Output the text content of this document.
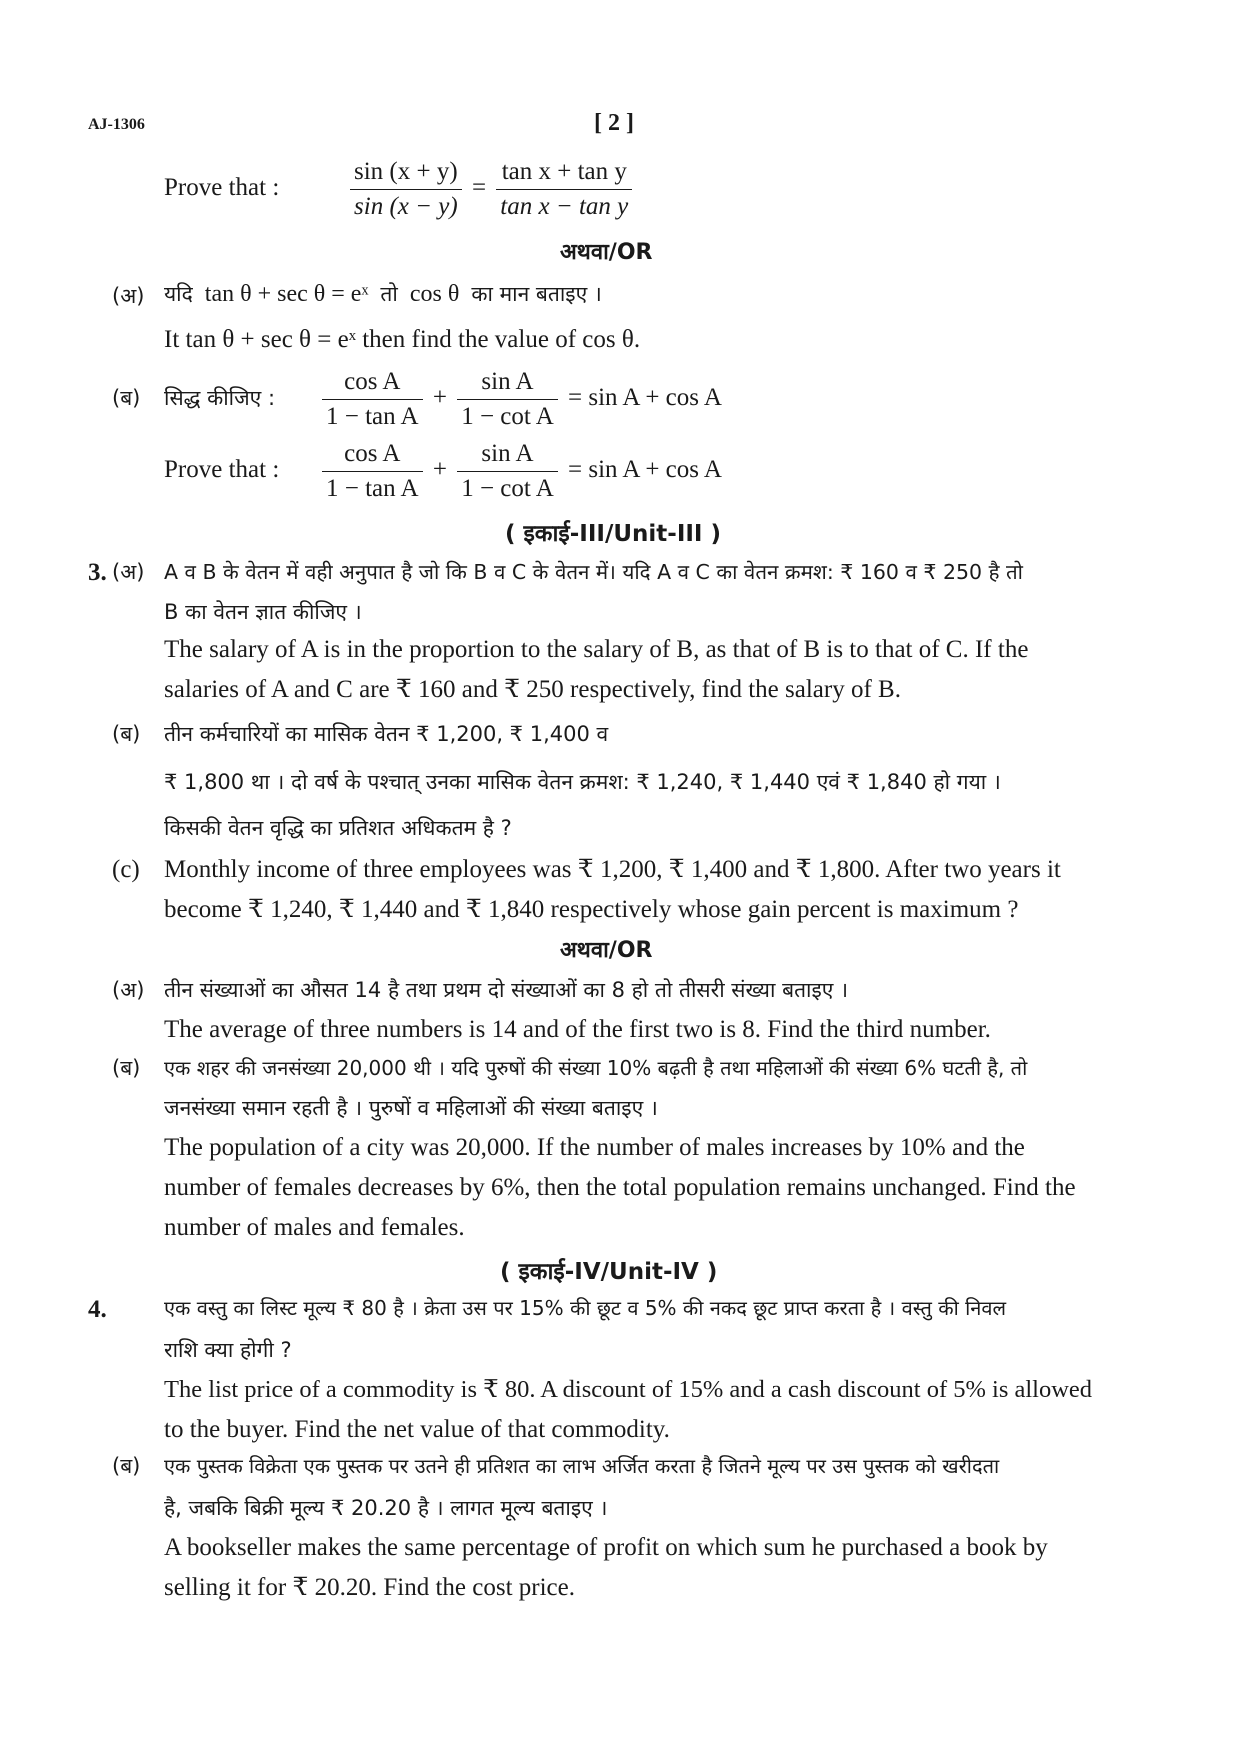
AJ-1306	[ 2 ]
Prove that :	$\frac{\sin (x + y)}{\sin (x - y)} = \frac{\text{tan x + tan y}}{\text{tan x − tan y}}$
अथवा/OR
(अ) यदि tan θ + sec θ = eˣ तो cos θ का मान बताइए ।
It tan θ + sec θ = eˣ then find the value of cos θ.
(ब) सिद्ध कीजिए : $\frac{\text{cos A}}{\text{1 − tan A}} + \frac{\text{sin A}}{\text{1 − cot A}} = \sin A + \cos A$
Prove that : $\frac{\text{cos A}}{\text{1 − tan A}} + \frac{\text{sin A}}{\text{1 − cot A}} = \sin A + \cos A$
( इकाई-III/Unit-III )
3. (अ) A व B के वेतन में वही अनुपात है जो कि B व C के वेतन में। यदि A व C का वेतन क्रमश: ₹ 160 व ₹ 250 है तो
B का वेतन ज्ञात कीजिए ।
The salary of A is in the proportion to the salary of B, as that of B is to that of C. If the
salaries of A and C are ₹ 160 and ₹ 250 respectively, find the salary of B.
(ब) तीन कर्मचारियों का मासिक वेतन ₹ 1,200, ₹ 1,400 व
₹ 1,800 था । दो वर्ष के पश्चात् उनका मासिक वेतन क्रमश: ₹ 1,240, ₹ 1,440 एवं ₹ 1,840 हो गया ।
किसकी वेतन वृद्धि का प्रतिशत अधिकतम है ?
(c) Monthly income of three employees was ₹ 1,200, ₹ 1,400 and ₹ 1,800. After two years it
become ₹ 1,240, ₹ 1,440 and ₹ 1,840 respectively whose gain percent is maximum ?
अथवा/OR
(अ) तीन संख्याओं का औसत 14 है तथा प्रथम दो संख्याओं का 8 हो तो तीसरी संख्या बताइए ।
The average of three numbers is 14 and of the first two is 8. Find the third number.
(ब) एक शहर की जनसंख्या 20,000 थी । यदि पुरुषों की संख्या 10% बढ़ती है तथा महिलाओं की संख्या 6% घटती है, तो
जनसंख्या समान रहती है । पुरुषों व महिलाओं की संख्या बताइए ।
The population of a city was 20,000. If the number of males increases by 10% and the
number of females decreases by 6%, then the total population remains unchanged. Find the
number of males and females.
( इकाई-IV/Unit-IV )
4.	एक वस्तु का लिस्ट मूल्य ₹ 80 है । क्रेता उस पर 15% की छूट व 5% की नकद छूट प्राप्त करता है । वस्तु की निवल
राशि क्या होगी ?
The list price of a commodity is ₹ 80. A discount of 15% and a cash discount of 5% is allowed
to the buyer. Find the net value of that commodity.
(ब) एक पुस्तक विक्रेता एक पुस्तक पर उतने ही प्रतिशत का लाभ अर्जित करता है जितने मूल्य पर उस पुस्तक को खरीदता
है, जबकि बिक्री मूल्य ₹ 20.20 है । लागत मूल्य बताइए ।
A bookseller makes the same percentage of profit on which sum he purchased a book by
selling it for ₹ 20.20. Find the cost price.
